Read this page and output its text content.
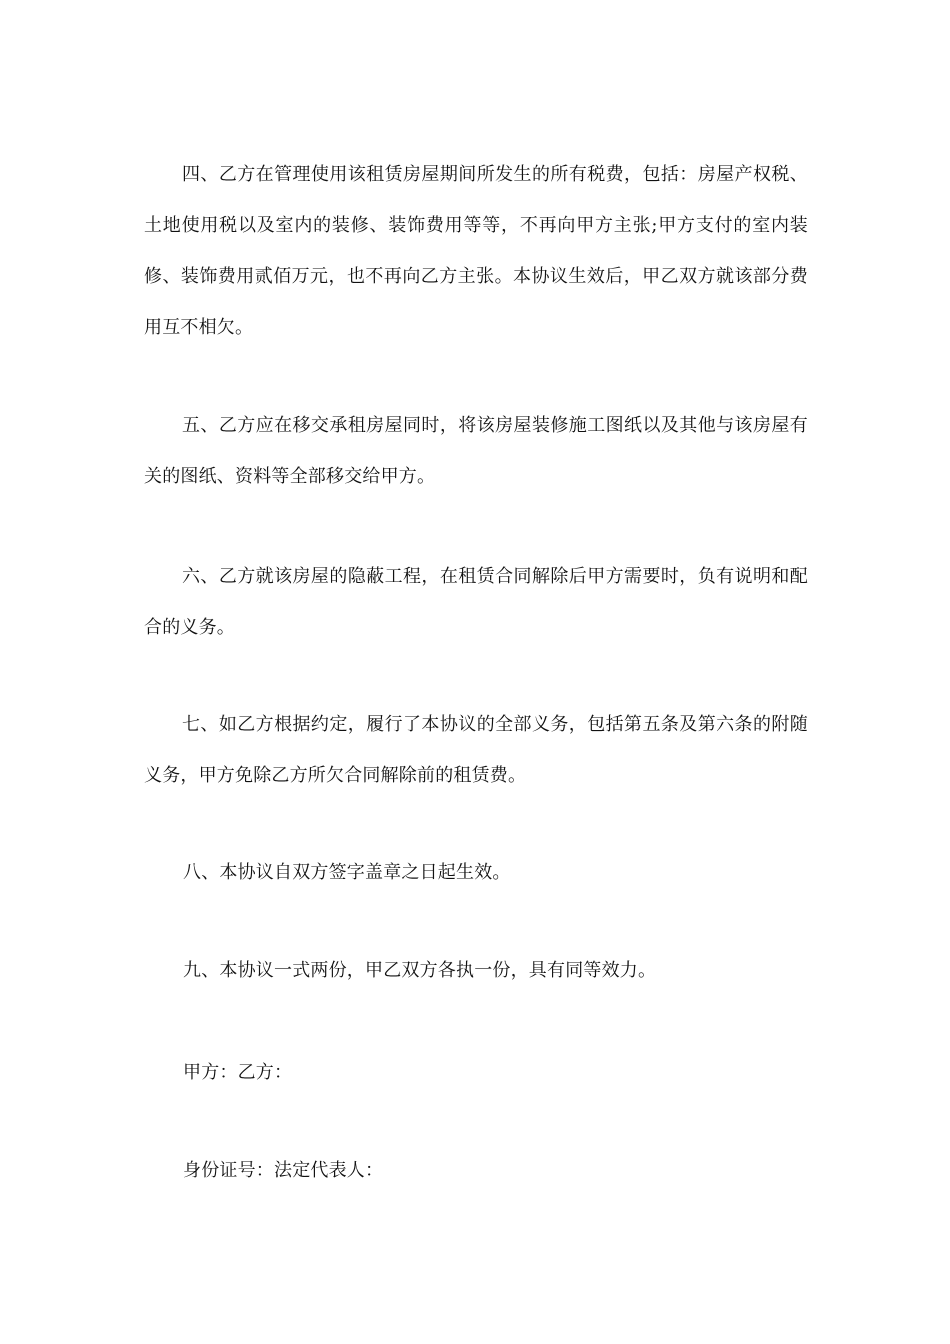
四、乙方在管理使用该租赁房屋期间所发生的所有税费，包括：房屋产权税、土地使用税以及室内的装修、装饰费用等等，不再向甲方主张;甲方支付的室内装修、装饰费用贰佰万元，也不再向乙方主张。本协议生效后，甲乙双方就该部分费用互不相欠。

五、乙方应在移交承租房屋同时，将该房屋装修施工图纸以及其他与该房屋有关的图纸、资料等全部移交给甲方。

六、乙方就该房屋的隐蔽工程，在租赁合同解除后甲方需要时，负有说明和配合的义务。

七、如乙方根据约定，履行了本协议的全部义务，包括第五条及第六条的附随义务，甲方免除乙方所欠合同解除前的租赁费。

八、本协议自双方签字盖章之日起生效。

九、本协议一式两份，甲乙双方各执一份，具有同等效力。

甲方：乙方：

身份证号：法定代表人：
